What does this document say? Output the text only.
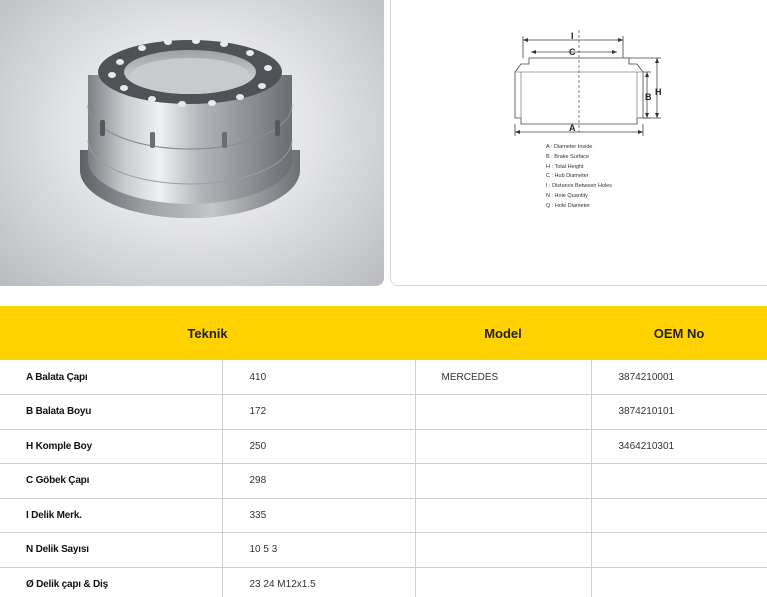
I
C
H
B
A
A : Diameter Inside
B : Brake Surface
H : Total Height
C : Hub Diameter
I : Distance Between Holes
N : Hole Quantity
Q : Hole Diameter
Teknik		Model	OEM No
A Balata Çapı	410	MERCEDES	3874210001
B Balata Boyu	172		3874210101
H Komple Boy	250		3464210301
C Göbek Çapı	298		
I Delik Merk.	335		
N Delik Sayısı	10 5 3		
Ø Delik çapı & Diş	23 24 M12x1.5		
